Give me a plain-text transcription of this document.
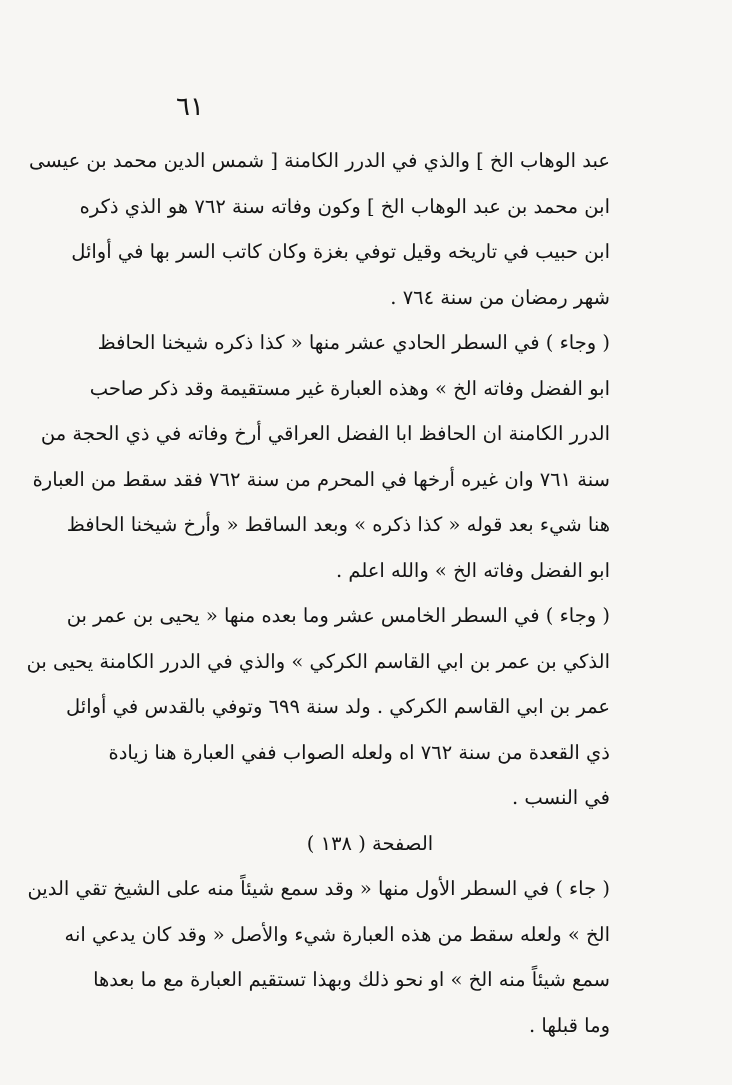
٦١
عبد الوهاب الخ ] والذي في الدرر الكامنة [ شمس الدين محمد بن عيسى
ابن محمد بن عبد الوهاب الخ ] وكون وفاته سنة ٧٦٢ هو الذي ذكره
ابن حبيب في تاريخه وقيل توفي بغزة وكان كاتب السر بها في أوائل
شهر رمضان من سنة ٧٦٤ .
( وجاء ) في السطر الحادي عشر منها « كذا ذكره شيخنا الحافظ
ابو الفضل وفاته الخ » وهذه العبارة غير مستقيمة وقد ذكر صاحب
الدرر الكامنة ان الحافظ ابا الفضل العراقي أرخ وفاته في ذي الحجة من
سنة ٧٦١ وان غيره أرخها في المحرم من سنة ٧٦٢ فقد سقط من العبارة
هنا شيء بعد قوله « كذا ذكره » وبعد الساقط « وأرخ شيخنا الحافظ
ابو الفضل وفاته الخ » والله اعلم .
( وجاء ) في السطر الخامس عشر وما بعده منها « يحيى بن عمر بن
الذكي بن عمر بن ابي القاسم الكركي » والذي في الدرر الكامنة يحيى بن
عمر بن ابي القاسم الكركي . ولد سنة ٦٩٩ وتوفي بالقدس في أوائل
ذي القعدة من سنة ٧٦٢ اه ولعله الصواب ففي العبارة هنا زيادة
في النسب .
الصفحة ( ١٣٨ )
( جاء ) في السطر الأول منها « وقد سمع شيئاً منه على الشيخ تقي الدين
الخ » ولعله سقط من هذه العبارة شيء والأصل « وقد كان يدعي انه
سمع شيئاً منه الخ » او نحو ذلك وبهذا تستقيم العبارة مع ما بعدها
وما قبلها .
